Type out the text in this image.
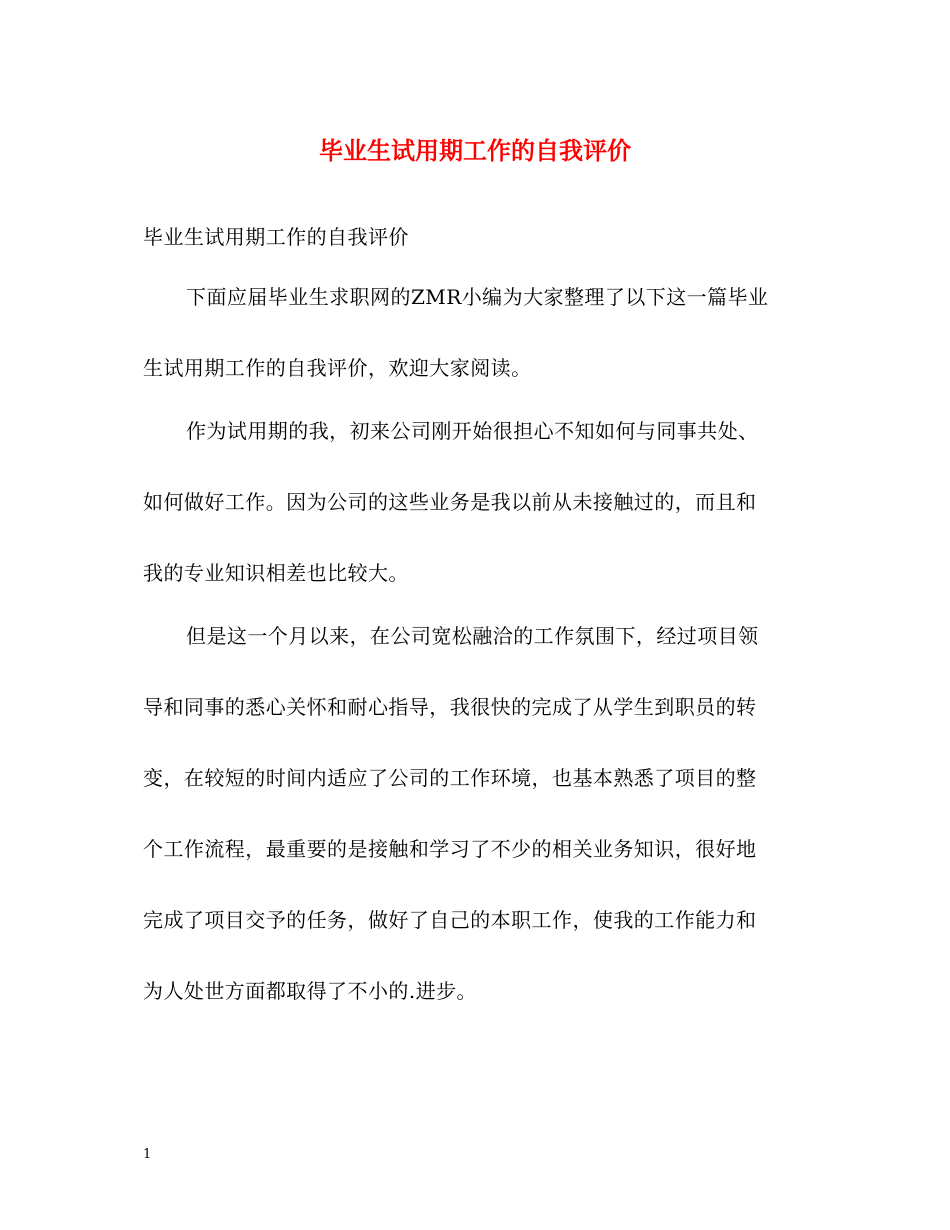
毕业生试用期工作的自我评价
毕业生试用期工作的自我评价
下面应届毕业生求职网的ZMR小编为大家整理了以下这一篇毕业
生试用期工作的自我评价，欢迎大家阅读。
作为试用期的我，初来公司刚开始很担心不知如何与同事共处、
如何做好工作。因为公司的这些业务是我以前从未接触过的，而且和
我的专业知识相差也比较大。
但是这一个月以来，在公司宽松融洽的工作氛围下，经过项目领
导和同事的悉心关怀和耐心指导，我很快的完成了从学生到职员的转
变，在较短的时间内适应了公司的工作环境，也基本熟悉了项目的整
个工作流程，最重要的是接触和学习了不少的相关业务知识，很好地
完成了项目交予的任务，做好了自己的本职工作，使我的工作能力和
为人处世方面都取得了不小的.进步。
1
